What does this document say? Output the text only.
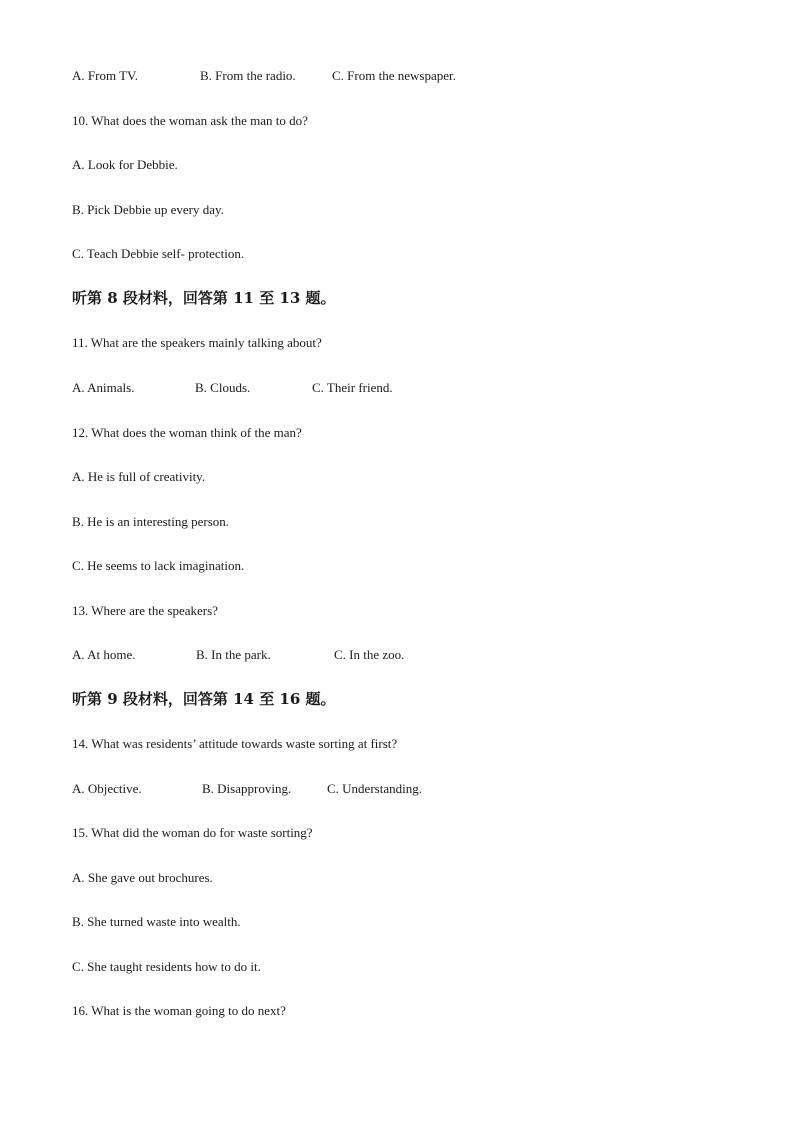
A. From TV.	B. From the radio.	C. From the newspaper.
10. What does the woman ask the man to do?
A. Look for Debbie.
B. Pick Debbie up every day.
C. Teach Debbie self- protection.
听第 8 段材料，回答第 11 至 13 题。
11. What are the speakers mainly talking about?
A. Animals.	B. Clouds.	C. Their friend.
12. What does the woman think of the man?
A. He is full of creativity.
B. He is an interesting person.
C. He seems to lack imagination.
13. Where are the speakers?
A. At home.	B. In the park.	C. In the zoo.
听第 9 段材料，回答第 14 至 16 题。
14. What was residents’ attitude towards waste sorting at first?
A. Objective.	B. Disapproving.	C. Understanding.
15. What did the woman do for waste sorting?
A. She gave out brochures.
B. She turned waste into wealth.
C. She taught residents how to do it.
16. What is the woman going to do next?
